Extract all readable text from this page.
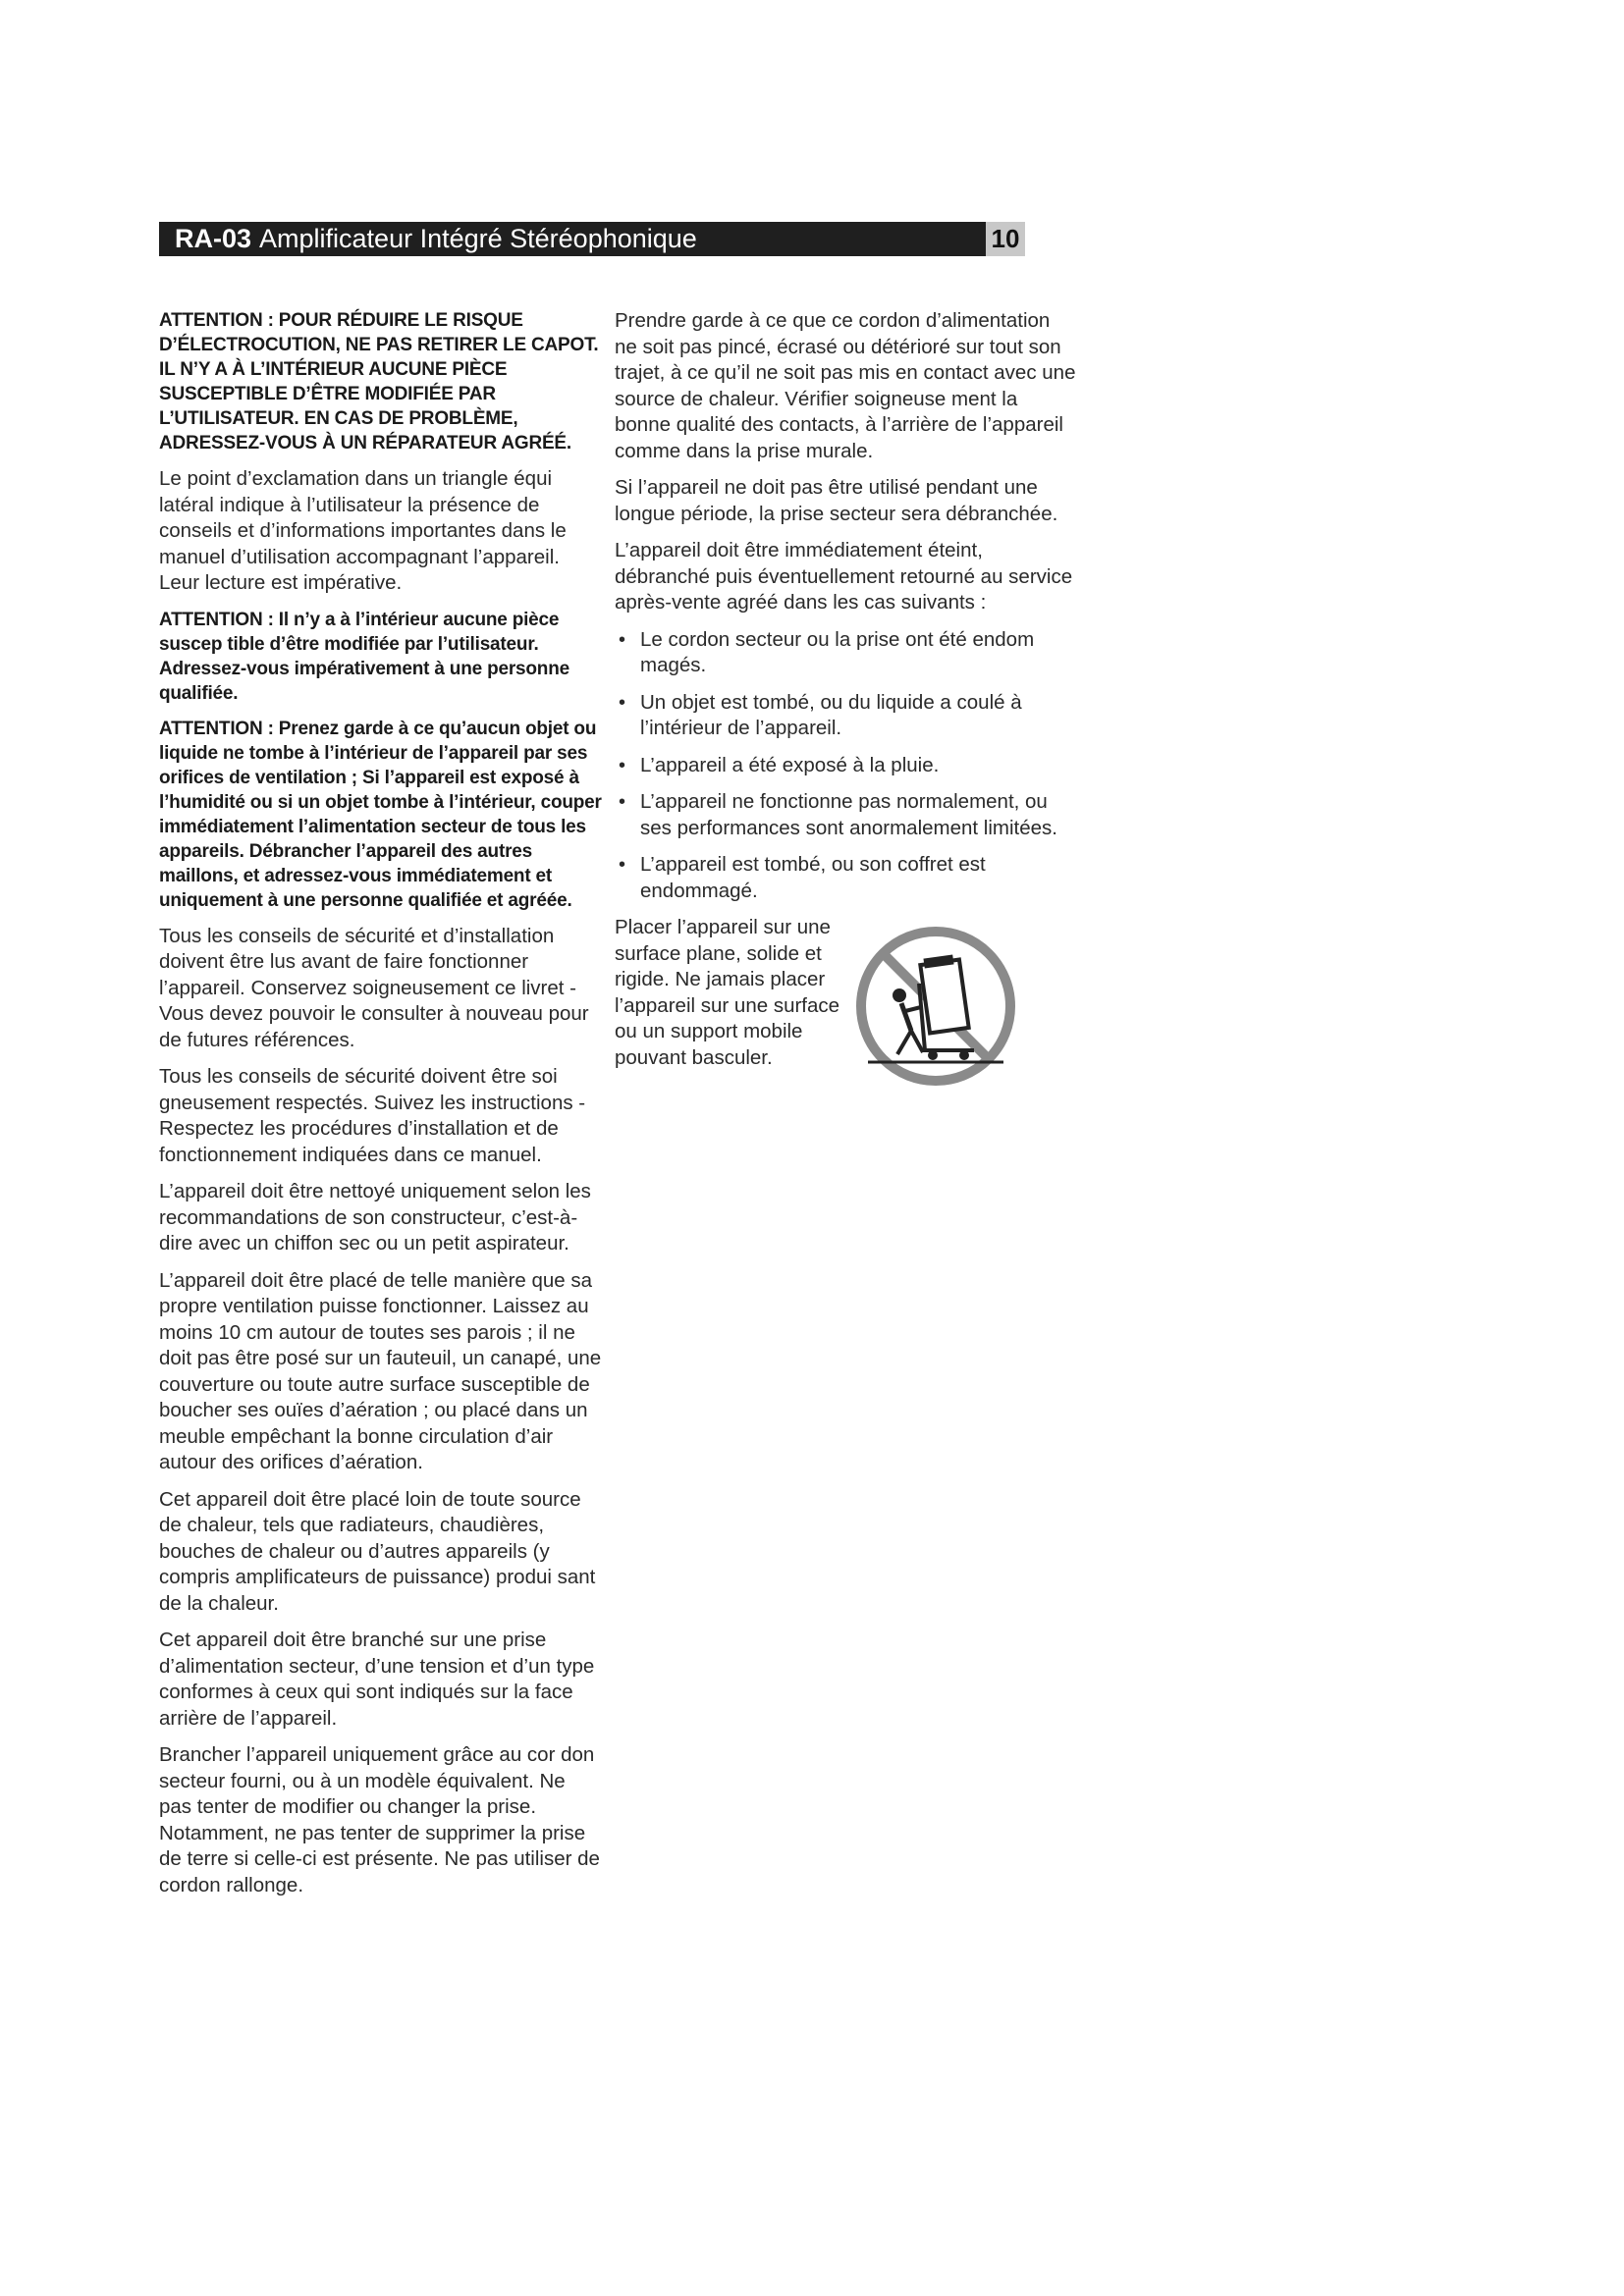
RA-03 Amplificateur Intégré Stéréophonique	10

ATTENTION : POUR RÉDUIRE LE RISQUE D’ÉLECTROCUTION, NE PAS RETIRER LE CAPOT. IL N’Y A À L’INTÉRIEUR AUCUNE PIÈCE SUSCEPTIBLE D’ÊTRE MODIFIÉE PAR L’UTILISATEUR. EN CAS DE PROBLÈME, ADRESSEZ-VOUS À UN RÉPARATEUR AGRÉÉ.

Le point d’exclamation dans un triangle équi latéral indique à l’utilisateur la présence de conseils et d’informations importantes dans le manuel d’utilisation accompagnant l’appareil. Leur lecture est impérative.

ATTENTION : Il n’y a à l’intérieur aucune pièce suscep tible d’être modifiée par l’utilisateur. Adressez-vous impérativement à une personne qualifiée.

ATTENTION : Prenez garde à ce qu’aucun objet ou liquide ne tombe à l’intérieur de l’appareil par ses orifices de ventilation ; Si l’appareil est exposé à l’humidité ou si un objet tombe à l’intérieur, couper immédiatement l’alimentation secteur de tous les appareils. Débrancher l’appareil des autres maillons, et adressez-vous immédiatement et uniquement à une personne qualifiée et agréée.

Tous les conseils de sécurité et d’installation doivent être lus avant de faire fonctionner l’appareil. Conservez soigneusement ce livret - Vous devez pouvoir le consulter à nouveau pour de futures références.

Tous les conseils de sécurité doivent être soi gneusement respectés. Suivez les instructions - Respectez les procédures d’installation et de fonctionnement indiquées dans ce manuel.

L’appareil doit être nettoyé uniquement selon les recommandations de son constructeur, c’est-à-dire avec un chiffon sec ou un petit aspirateur.

L’appareil doit être placé de telle manière que sa propre ventilation puisse fonctionner. Laissez au moins 10 cm autour de toutes ses parois ; il ne doit pas être posé sur un fauteuil, un canapé, une couverture ou toute autre surface susceptible de boucher ses ouïes d’aération ; ou placé dans un meuble empêchant la bonne circulation d’air autour des orifices d’aération.

Cet appareil doit être placé loin de toute source de chaleur, tels que radiateurs, chaudières, bouches de chaleur ou d’autres appareils (y compris amplificateurs de puissance) produi sant de la chaleur.

Cet appareil doit être branché sur une prise d’alimentation secteur, d’une tension et d’un type conformes à ceux qui sont indiqués sur la face arrière de l’appareil.

Brancher l’appareil uniquement grâce au cor don secteur fourni, ou à un modèle équivalent. Ne pas tenter de modifier ou changer la prise. Notamment, ne pas tenter de supprimer la prise de terre si celle-ci est présente. Ne pas utiliser de cordon rallonge.

Prendre garde à ce que ce cordon d’alimentation ne soit pas pincé, écrasé ou détérioré sur tout son trajet, à ce qu’il ne soit pas mis en contact avec une source de chaleur. Vérifier soigneuse ment la bonne qualité des contacts, à l’arrière de l’appareil comme dans la prise murale.

Si l’appareil ne doit pas être utilisé pendant une longue période, la prise secteur sera débranchée.

L’appareil doit être immédiatement éteint, débranché puis éventuellement retourné au service après-vente agréé dans les cas suivants :

• Le cordon secteur ou la prise ont été endom magés.
• Un objet est tombé, ou du liquide a coulé à l’intérieur de l’appareil.
• L’appareil a été exposé à la pluie.
• L’appareil ne fonctionne pas normalement, ou ses performances sont anormalement limitées.
• L’appareil est tombé, ou son coffret est endommagé.

Placer l’appareil sur une surface plane, solide et rigide. Ne jamais placer l’appareil sur une surface ou un support mobile pouvant basculer.
